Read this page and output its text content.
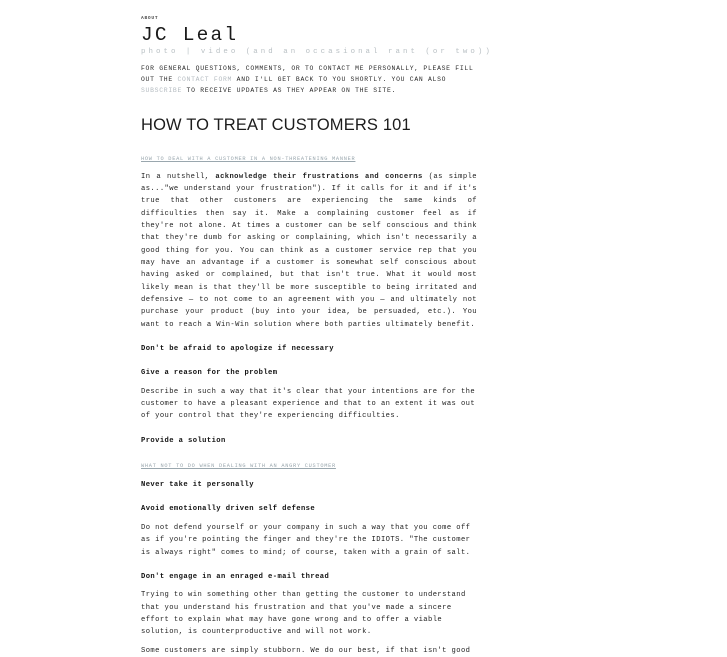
ABOUT
JC Leal
photo | video (and an occasional rant (or two))
FOR GENERAL QUESTIONS, COMMENTS, OR TO CONTACT ME PERSONALLY, PLEASE FILL OUT THE CONTACT FORM AND I'LL GET BACK TO YOU SHORTLY. YOU CAN ALSO SUBSCRIBE TO RECEIVE UPDATES AS THEY APPEAR ON THE SITE.
HOW TO TREAT CUSTOMERS 101
HOW TO DEAL WITH A CUSTOMER IN A NON-THREATENING MANNER

In a nutshell, acknowledge their frustrations and concerns (as simple as..."we understand your frustration"). If it calls for it and if it's true that other customers are experiencing the same kinds of difficulties then say it. Make a complaining customer feel as if they're not alone. At times a customer can be self conscious and think that they're dumb for asking or complaining, which isn't necessarily a good thing for you. You can think as a customer service rep that you may have an advantage if a customer is somewhat self conscious about having asked or complained, but that isn't true. What it would most likely mean is that they'll be more susceptible to being irritated and defensive — to not come to an agreement with you — and ultimately not purchase your product (buy into your idea, be persuaded, etc.). You want to reach a Win-Win solution where both parties ultimately benefit.

Don't be afraid to apologize if necessary
Give a reason for the problem

Describe in such a way that it's clear that your intentions are for the customer to have a pleasant experience and that to an extent it was out of your control that they're experiencing difficulties.

Provide a solution
WHAT NOT TO DO WHEN DEALING WITH AN ANGRY CUSTOMER
Never take it personally
Avoid emotionally driven self defense

Do not defend yourself or your company in such a way that you come off as if you're pointing the finger and they're the IDIOTS. "The customer is always right" comes to mind; of course, taken with a grain of salt.

Don't engage in an enraged e-mail thread

Trying to win something other than getting the customer to understand that you understand his frustration and that you've made a sincere effort to explain what may have gone wrong and to offer a viable solution, is counterproductive and will not work.

Some customers are simply stubborn. We do our best, if that isn't good
